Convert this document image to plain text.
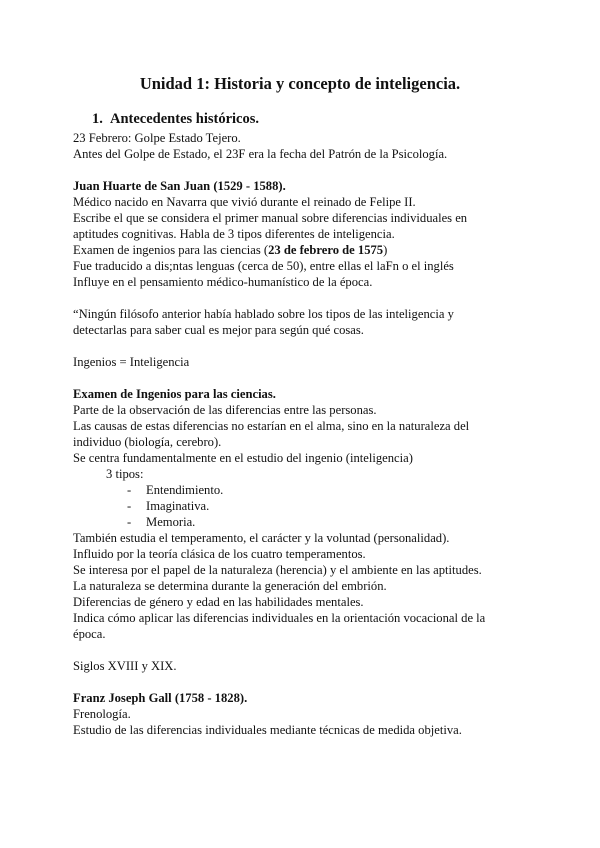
Unidad 1: Historia y concepto de inteligencia.
1. Antecedentes históricos.
23 Febrero: Golpe Estado Tejero.
Antes del Golpe de Estado, el 23F era la fecha del Patrón de la Psicología.
Juan Huarte de San Juan (1529 - 1588).
Médico nacido en Navarra que vivió durante el reinado de Felipe II.
Escribe el que se considera el primer manual sobre diferencias individuales en
aptitudes cognitivas. Habla de 3 tipos diferentes de inteligencia.
Examen de ingenios para las ciencias (23 de febrero de 1575)
Fue traducido a dis;ntas lenguas (cerca de 50), entre ellas el laFn o el inglés
Influye en el pensamiento médico-humanístico de la época.
“Ningún filósofo anterior había hablado sobre los tipos de las inteligencia y
detectarlas para saber cual es mejor para según qué cosas.
Ingenios = Inteligencia
Examen de Ingenios para las ciencias.
Parte de la observación de las diferencias entre las personas.
Las causas de estas diferencias no estarían en el alma, sino en la naturaleza del
individuo (biología, cerebro).
Se centra fundamentalmente en el estudio del ingenio (inteligencia)
3 tipos:
- Entendimiento.
- Imaginativa.
- Memoria.
También estudia el temperamento, el carácter y la voluntad (personalidad).
Influido por la teoría clásica de los cuatro temperamentos.
Se interesa por el papel de la naturaleza (herencia) y el ambiente en las aptitudes.
La naturaleza se determina durante la generación del embrión.
Diferencias de género y edad en las habilidades mentales.
Indica cómo aplicar las diferencias individuales en la orientación vocacional de la
época.
Siglos XVIII y XIX.
Franz Joseph Gall (1758 - 1828).
Frenología.
Estudio de las diferencias individuales mediante técnicas de medida objetiva.
